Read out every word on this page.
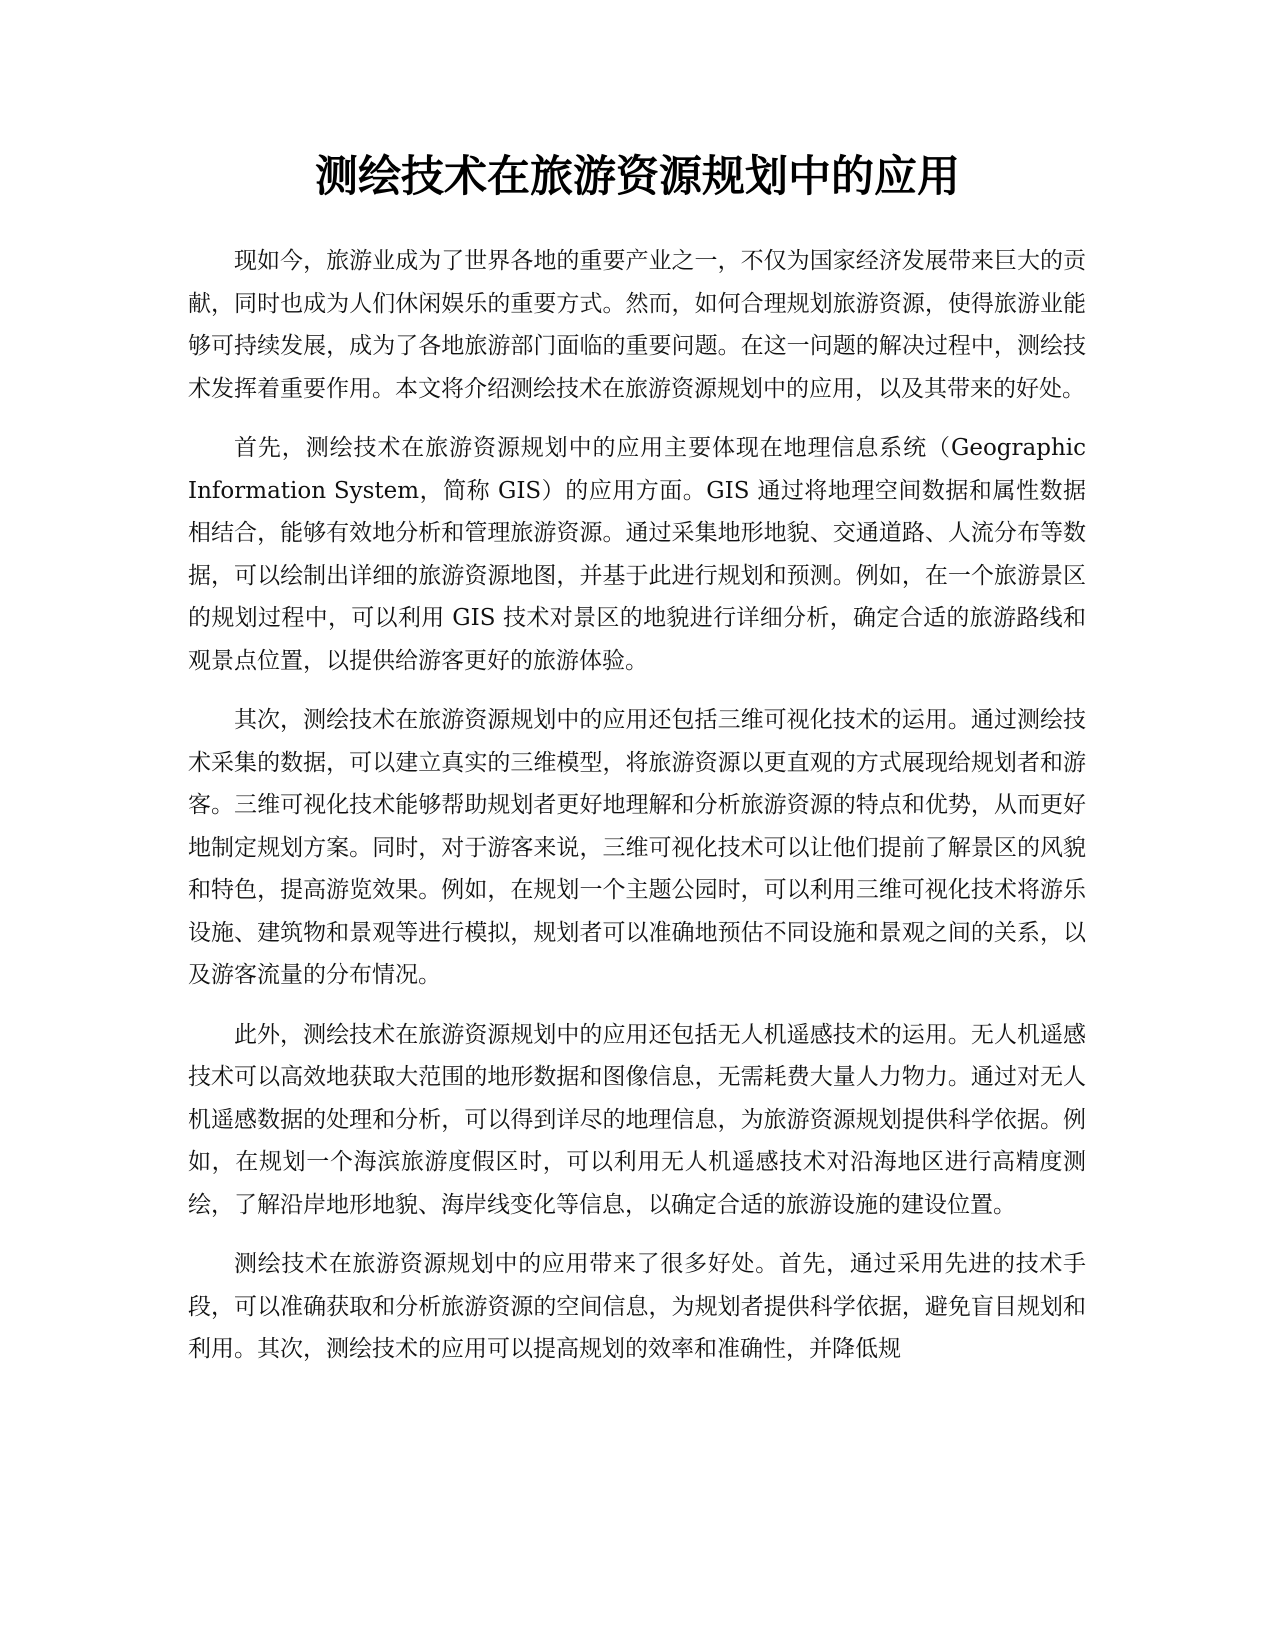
测绘技术在旅游资源规划中的应用

现如今，旅游业成为了世界各地的重要产业之一，不仅为国家经济发展带来巨大的贡献，同时也成为人们休闲娱乐的重要方式。然而，如何合理规划旅游资源，使得旅游业能够可持续发展，成为了各地旅游部门面临的重要问题。在这一问题的解决过程中，测绘技术发挥着重要作用。本文将介绍测绘技术在旅游资源规划中的应用，以及其带来的好处。

首先，测绘技术在旅游资源规划中的应用主要体现在地理信息系统（Geographic Information System，简称 GIS）的应用方面。GIS 通过将地理空间数据和属性数据相结合，能够有效地分析和管理旅游资源。通过采集地形地貌、交通道路、人流分布等数据，可以绘制出详细的旅游资源地图，并基于此进行规划和预测。例如，在一个旅游景区的规划过程中，可以利用 GIS 技术对景区的地貌进行详细分析，确定合适的旅游路线和观景点位置，以提供给游客更好的旅游体验。

其次，测绘技术在旅游资源规划中的应用还包括三维可视化技术的运用。通过测绘技术采集的数据，可以建立真实的三维模型，将旅游资源以更直观的方式展现给规划者和游客。三维可视化技术能够帮助规划者更好地理解和分析旅游资源的特点和优势，从而更好地制定规划方案。同时，对于游客来说，三维可视化技术可以让他们提前了解景区的风貌和特色，提高游览效果。例如，在规划一个主题公园时，可以利用三维可视化技术将游乐设施、建筑物和景观等进行模拟，规划者可以准确地预估不同设施和景观之间的关系，以及游客流量的分布情况。

此外，测绘技术在旅游资源规划中的应用还包括无人机遥感技术的运用。无人机遥感技术可以高效地获取大范围的地形数据和图像信息，无需耗费大量人力物力。通过对无人机遥感数据的处理和分析，可以得到详尽的地理信息，为旅游资源规划提供科学依据。例如，在规划一个海滨旅游度假区时，可以利用无人机遥感技术对沿海地区进行高精度测绘，了解沿岸地形地貌、海岸线变化等信息，以确定合适的旅游设施的建设位置。

测绘技术在旅游资源规划中的应用带来了很多好处。首先，通过采用先进的技术手段，可以准确获取和分析旅游资源的空间信息，为规划者提供科学依据，避免盲目规划和利用。其次，测绘技术的应用可以提高规划的效率和准确性，并降低规
